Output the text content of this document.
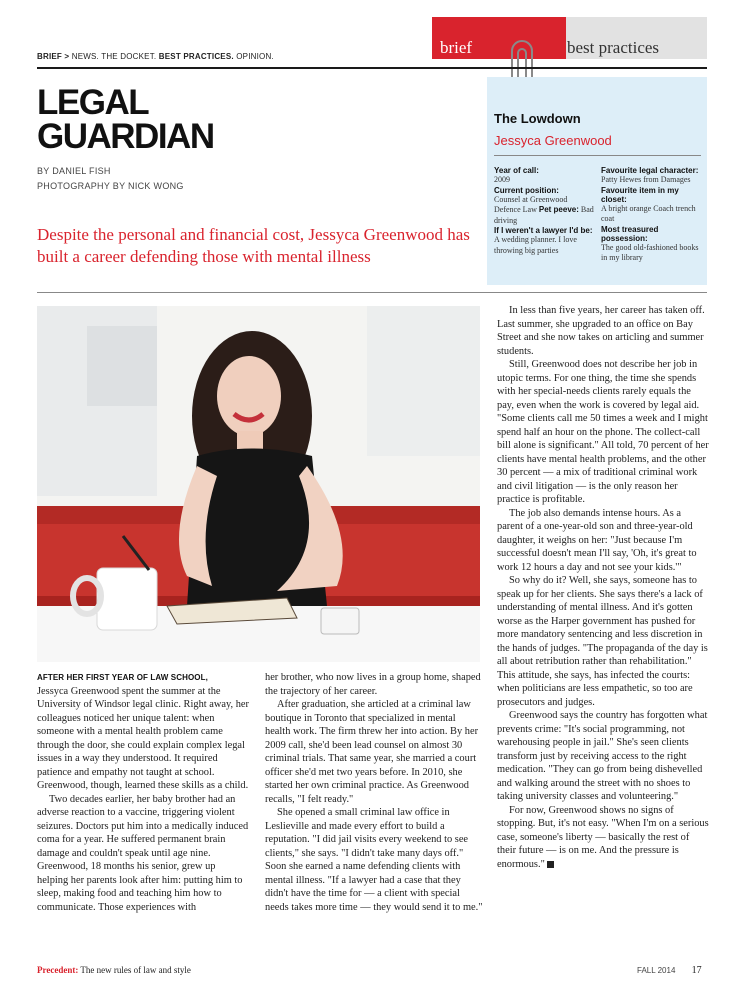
brief	best practices
BRIEF > NEWS. THE DOCKET. BEST PRACTICES. OPINION.
LEGAL
GUARDIAN
BY DANIEL FISH
PHOTOGRAPHY BY NICK WONG
Despite the personal and financial cost, Jessyca Greenwood has built a career defending those with mental illness
The Lowdown
Jessyca Greenwood
Year of call:
2009
Current position:
Counsel at Greenwood Defence Law Pet peeve: Bad driving
If I weren't a lawyer I'd be:
A wedding planner. I love throwing big parties
Favourite legal character:
Patty Hewes from Damages
Favourite item in my closet:
A bright orange Coach trench coat
Most treasured possession:
The good old-fashioned books in my library

AFTER HER FIRST YEAR OF LAW SCHOOL,

Jessyca Greenwood spent the summer at the University of Windsor legal clinic. Right away, her colleagues noticed her unique talent: when someone with a mental health problem came through the door, she could explain complex legal issues in a way they understood. It required patience and empathy not taught at school. Greenwood, though, learned these skills as a child.

Two decades earlier, her baby brother had an adverse reaction to a vaccine, triggering violent seizures. Doctors put him into a medically induced coma for a year. He suffered permanent brain damage and couldn't speak until age nine. Greenwood, 18 months his senior, grew up helping her parents look after him: putting him to sleep, making food and teaching him how to communicate. Those experiences with

her brother, who now lives in a group home, shaped the trajectory of her career.

After graduation, she articled at a criminal law boutique in Toronto that specialized in mental health work. The firm threw her into action. By her 2009 call, she'd been lead counsel on almost 30 criminal trials. That same year, she married a court officer she'd met two years before. In 2010, she started her own criminal practice. As Greenwood recalls, "I felt ready."

She opened a small criminal law office in Leslieville and made every effort to build a reputation. "I did jail visits every weekend to see clients," she says. "I didn't take many days off." Soon she earned a name defending clients with mental illness. "If a lawyer had a case that they didn't have the time for — a client with special needs takes more time — they would send it to me."

In less than five years, her career has taken off. Last summer, she upgraded to an office on Bay Street and she now takes on articling and summer students.

Still, Greenwood does not describe her job in utopic terms. For one thing, the time she spends with her special-needs clients rarely equals the pay, even when the work is covered by legal aid. "Some clients call me 50 times a week and I might spend half an hour on the phone. The collect-call bill alone is significant." All told, 70 percent of her clients have mental health problems, and the other 30 percent — a mix of traditional criminal work and civil litigation — is the only reason her practice is profitable.

The job also demands intense hours. As a parent of a one-year-old son and three-year-old daughter, it weighs on her: "Just because I'm successful doesn't mean I'll say, 'Oh, it's great to work 12 hours a day and not see your kids.'"

So why do it? Well, she says, someone has to speak up for her clients. She says there's a lack of understanding of mental illness. And it's gotten worse as the Harper government has pushed for more mandatory sentencing and less discretion in the hands of judges. "The propaganda of the day is all about retribution rather than rehabilitation." This attitude, she says, has infected the courts: when politicians are less empathetic, so too are prosecutors and judges.

Greenwood says the country has forgotten what prevents crime: "It's social programming, not warehousing people in jail." She's seen clients transform just by receiving access to the right medication. "They can go from being dishevelled and walking around the street with no shoes to taking university classes and volunteering."

For now, Greenwood shows no signs of stopping. But, it's not easy. "When I'm on a serious case, someone's liberty — basically the rest of their future — is on me. And the pressure is enormous."

Precedent: The new rules of law and style	FALL 2014 17
